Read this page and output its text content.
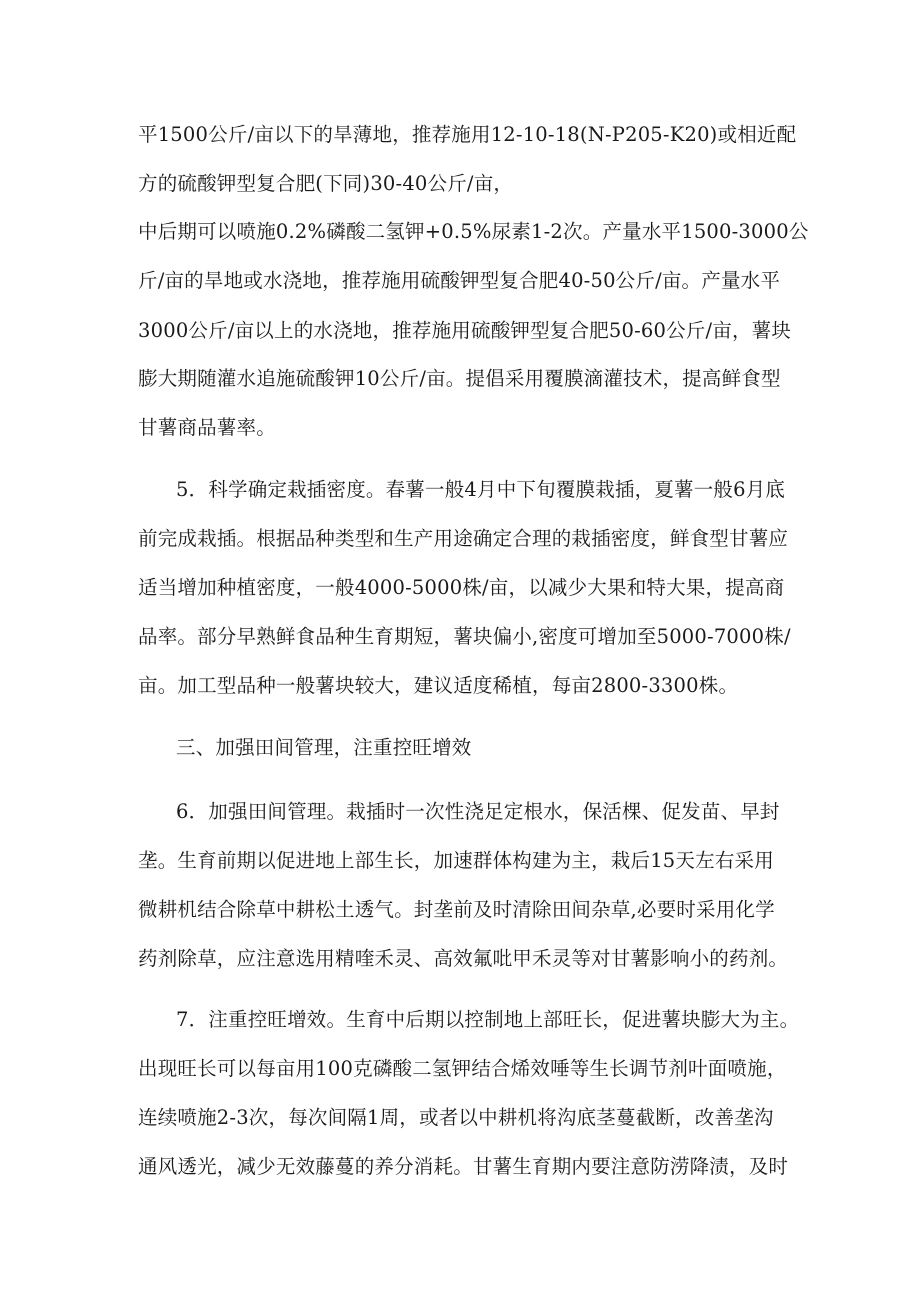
平1500公斤/亩以下的旱薄地，推荐施用12-10-18(N-P205-K20)或相近配
方的硫酸钾型复合肥(下同)30-40公斤/亩，
中后期可以喷施0.2%磷酸二氢钾+0.5%尿素1-2次。产量水平1500-3000公
斤/亩的旱地或水浇地，推荐施用硫酸钾型复合肥40-50公斤/亩。产量水平
3000公斤/亩以上的水浇地，推荐施用硫酸钾型复合肥50-60公斤/亩，薯块
膨大期随灌水追施硫酸钾10公斤/亩。提倡采用覆膜滴灌技术，提高鲜食型
甘薯商品薯率。
5．科学确定栽插密度。春薯一般4月中下旬覆膜栽插，夏薯一般6月底
前完成栽插。根据品种类型和生产用途确定合理的栽插密度，鲜食型甘薯应
适当增加种植密度，一般4000-5000株/亩，以减少大果和特大果，提高商
品率。部分早熟鲜食品种生育期短，薯块偏小,密度可增加至5000-7000株/
亩。加工型品种一般薯块较大，建议适度稀植，每亩2800-3300株。
三、加强田间管理，注重控旺增效
6．加强田间管理。栽插时一次性浇足定根水，保活棵、促发苗、早封
垄。生育前期以促进地上部生长，加速群体构建为主，栽后15天左右采用
微耕机结合除草中耕松土透气。封垄前及时清除田间杂草,必要时采用化学
药剂除草，应注意选用精喹禾灵、高效氟吡甲禾灵等对甘薯影响小的药剂。
7．注重控旺增效。生育中后期以控制地上部旺长，促进薯块膨大为主。
出现旺长可以每亩用100克磷酸二氢钾结合烯效唾等生长调节剂叶面喷施，
连续喷施2-3次，每次间隔1周，或者以中耕机将沟底茎蔓截断，改善垄沟
通风透光，减少无效藤蔓的养分消耗。甘薯生育期内要注意防涝降渍，及时
